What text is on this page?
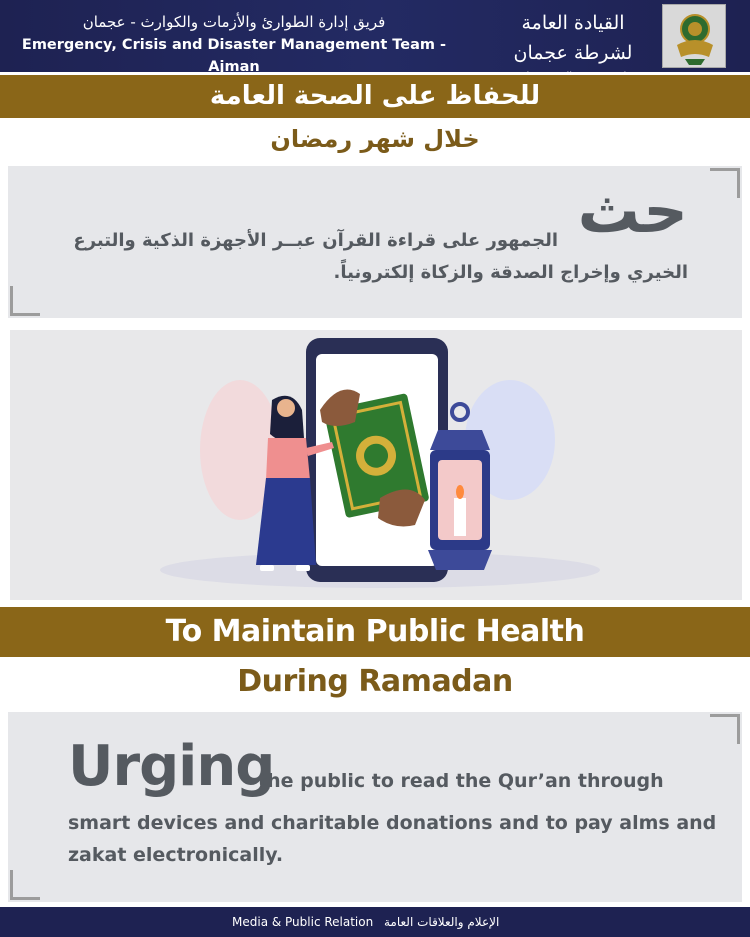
فريق إدارة الطوارئ والأزمات والكوارث - عجمان
Emergency, Crisis and Disaster Management Team - Ajman
القيادة العامة لشرطة عجمان
للحفاظ على الصحة العامة
خلال شهر رمضان
حث
الجمهور على قراءة القرآن عبــر الأجهزة الذكية والتبرع
الخيري وإخراج الصدقة والزكاة إلكترونياً.
To Maintain Public Health
During Ramadan
Urging
the public to read the Qur’an through
smart devices and charitable donations and to pay alms and
zakat electronically.
Media & Public Relation الإعلام والعلاقات العامة
